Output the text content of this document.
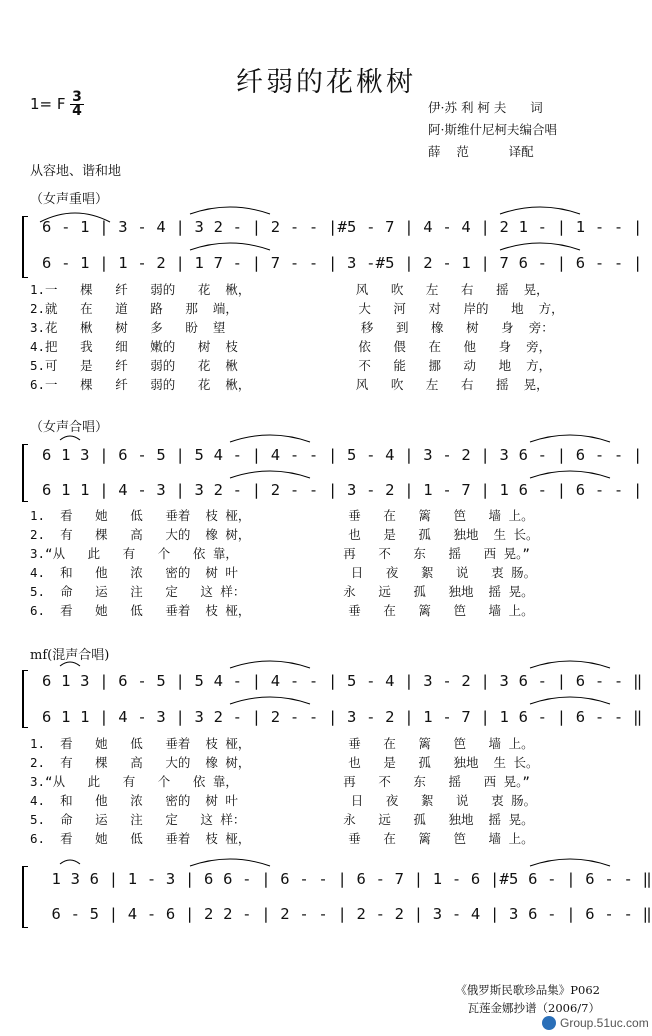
纤弱的花楸树
1= F $\frac{3}{4}$	伊·苏 利 柯 夫      词
阿·斯维什尼柯夫编合唱
薛    范          译配
从容地、谐和地
（女声重唱）
6 - 1 | 3 - 4 | 3 2 - | 2 - - |#5 - 7 | 4 - 4 | 2 1 - | 1 - - |
6 - 1 | 1 - 2 | 1 7 - | 7 - - | 3 -#5 | 2 - 1 | 7 6 - | 6 - - |
1.一   棵   纤   弱的   花  楸，              风   吹   左   右   摇  晃，
2.就   在   道   路   那  端，                大   河   对   岸的   地  方，
3.花   楸   树   多   盼  望                  移   到   橡   树   身  旁：
4.把   我   细   嫩的   树  枝                依   偎   在   他   身  旁，
5.可   是   纤   弱的   花  楸                不   能   挪   动   地  方，
6.一   棵   纤   弱的   花  楸，              风   吹   左   右   摇  晃，
（女声合唱）
6 1 3 | 6 - 5 | 5 4 - | 4 - - | 5 - 4 | 3 - 2 | 3 6 - | 6 - - |
6 1 1 | 4 - 3 | 3 2 - | 2 - - | 3 - 2 | 1 - 7 | 1 6 - | 6 - - |
1.  看   她   低   垂着  枝 桠，             垂   在   篱   笆   墙 上。
2.  有   棵   高   大的  橡 树，             也   是   孤   独地  生 长。
3.“从   此   有   个   依 靠，              再   不   东   摇   西 晃。”
4.  和   他   浓   密的  树 叶               日   夜   絮   说   衷 肠。
5.  命   运   注   定   这 样：             永   远   孤   独地  摇 晃。
6.  看   她   低   垂着  枝 桠，             垂   在   篱   笆   墙 上。
mf(混声合唱)
6 1 3 | 6 - 5 | 5 4 - | 4 - - | 5 - 4 | 3 - 2 | 3 6 - | 6 - - ‖
6 1 1 | 4 - 3 | 3 2 - | 2 - - | 3 - 2 | 1 - 7 | 1 6 - | 6 - - ‖
1.  看   她   低   垂着  枝 桠，             垂   在   篱   笆   墙 上。
2.  有   棵   高   大的  橡 树，             也   是   孤   独地  生 长。
3.“从   此   有   个   依 靠，              再   不   东   摇   西 晃。”
4.  和   他   浓   密的  树 叶               日   夜   絮   说   衷 肠。
5.  命   运   注   定   这 样：             永   远   孤   独地  摇 晃。
6.  看   她   低   垂着  枝 桠，             垂   在   篱   笆   墙 上。
1 3 6 | 1 - 3 | 6 6 - | 6 - - | 6 - 7 | 1 - 6 |#5 6 - | 6 - - ‖
6 - 5 | 4 - 6 | 2 2 - | 2 - - | 2 - 2 | 3 - 4 | 3 6 - | 6 - - ‖
《俄罗斯民歌珍品集》P062
瓦莲金娜抄谱（2006/7）
Group.51uc.com
